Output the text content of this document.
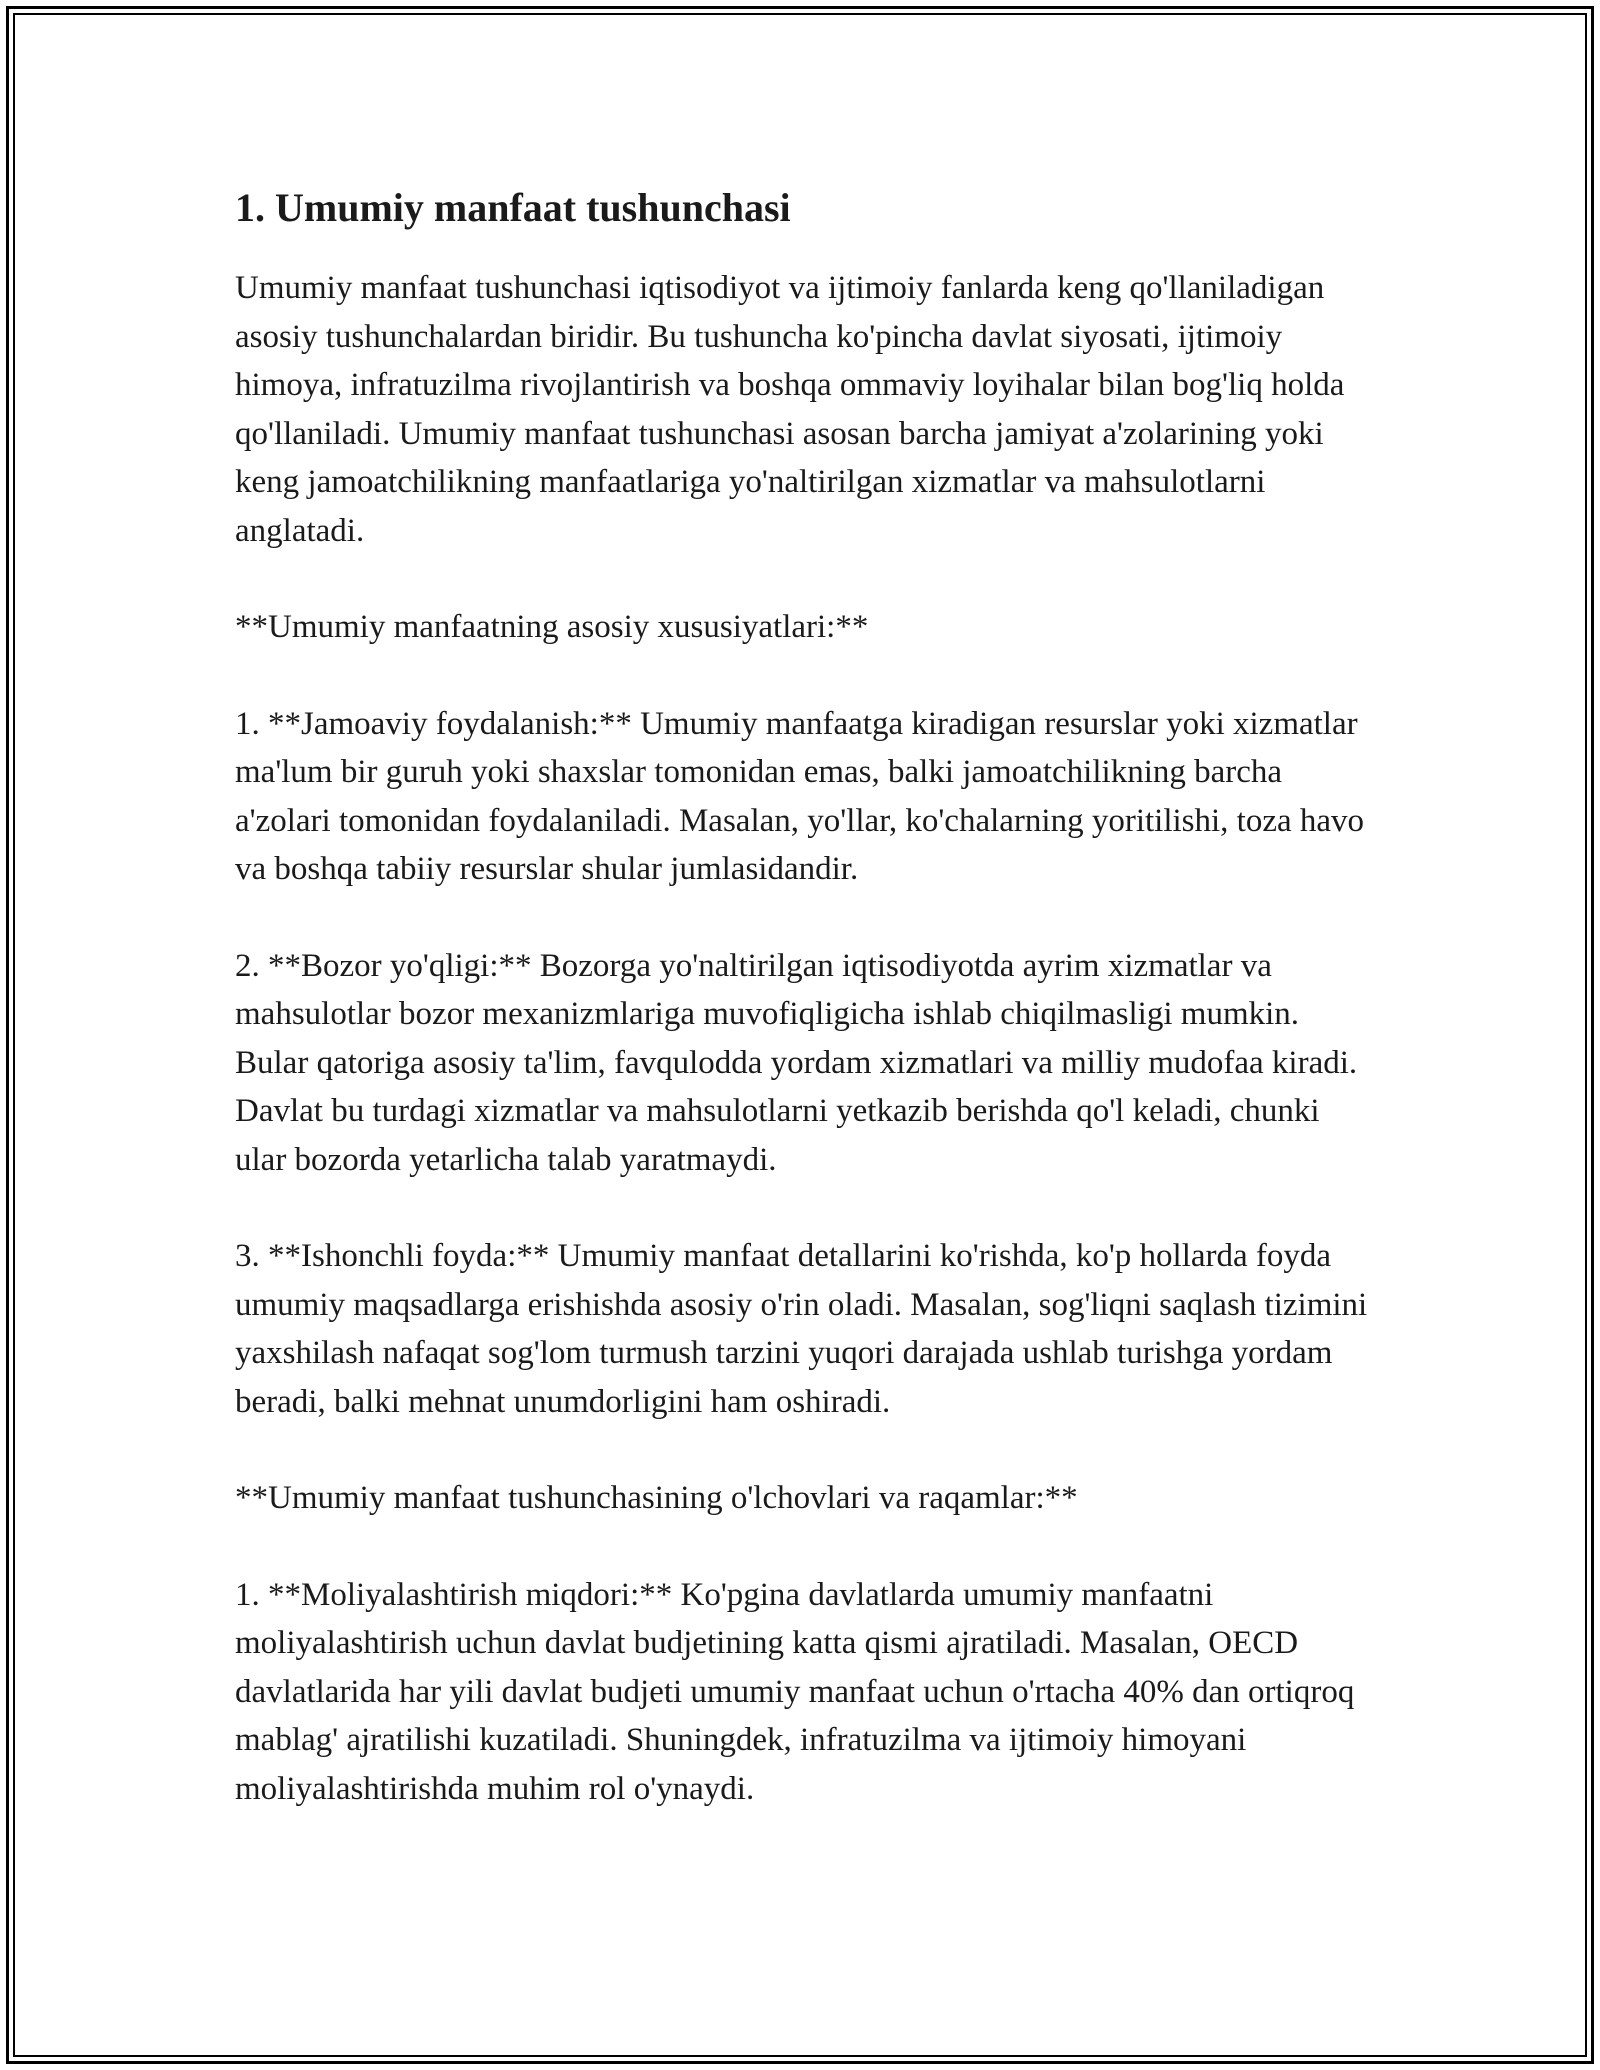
1. Umumiy manfaat tushunchasi

Umumiy manfaat tushunchasi iqtisodiyot va ijtimoiy fanlarda keng qo'llaniladigan asosiy tushunchalardan biridir. Bu tushuncha ko'pincha davlat siyosati, ijtimoiy himoya, infratuzilma rivojlantirish va boshqa ommaviy loyihalar bilan bog'liq holda qo'llaniladi. Umumiy manfaat tushunchasi asosan barcha jamiyat a'zolarining yoki keng jamoatchilikning manfaatlariga yo'naltirilgan xizmatlar va mahsulotlarni anglatadi.

**Umumiy manfaatning asosiy xususiyatlari:**

1. **Jamoaviy foydalanish:** Umumiy manfaatga kiradigan resurslar yoki xizmatlar ma'lum bir guruh yoki shaxslar tomonidan emas, balki jamoatchilikning barcha a'zolari tomonidan foydalaniladi. Masalan, yo'llar, ko'chalarning yoritilishi, toza havo va boshqa tabiiy resurslar shular jumlasidandir.

2. **Bozor yo'qligi:** Bozorga yo'naltirilgan iqtisodiyotda ayrim xizmatlar va mahsulotlar bozor mexanizmlariga muvofiqligicha ishlab chiqilmasligi mumkin. Bular qatoriga asosiy ta'lim, favqulodda yordam xizmatlari va milliy mudofaa kiradi. Davlat bu turdagi xizmatlar va mahsulotlarni yetkazib berishda qo'l keladi, chunki ular bozorda yetarlicha talab yaratmaydi.

3. **Ishonchli foyda:** Umumiy manfaat detallarini ko'rishda, ko'p hollarda foyda umumiy maqsadlarga erishishda asosiy o'rin oladi. Masalan, sog'liqni saqlash tizimini yaxshilash nafaqat sog'lom turmush tarzini yuqori darajada ushlab turishga yordam beradi, balki mehnat unumdorligini ham oshiradi.

**Umumiy manfaat tushunchasining o'lchovlari va raqamlar:**

1. **Moliyalashtirish miqdori:** Ko'pgina davlatlarda umumiy manfaatni moliyalashtirish uchun davlat budjetining katta qismi ajratiladi. Masalan, OECD davlatlarida har yili davlat budjeti umumiy manfaat uchun o'rtacha 40% dan ortiqroq mablag' ajratilishi kuzatiladi. Shuningdek, infratuzilma va ijtimoiy himoyani moliyalashtirishda muhim rol o'ynaydi.
